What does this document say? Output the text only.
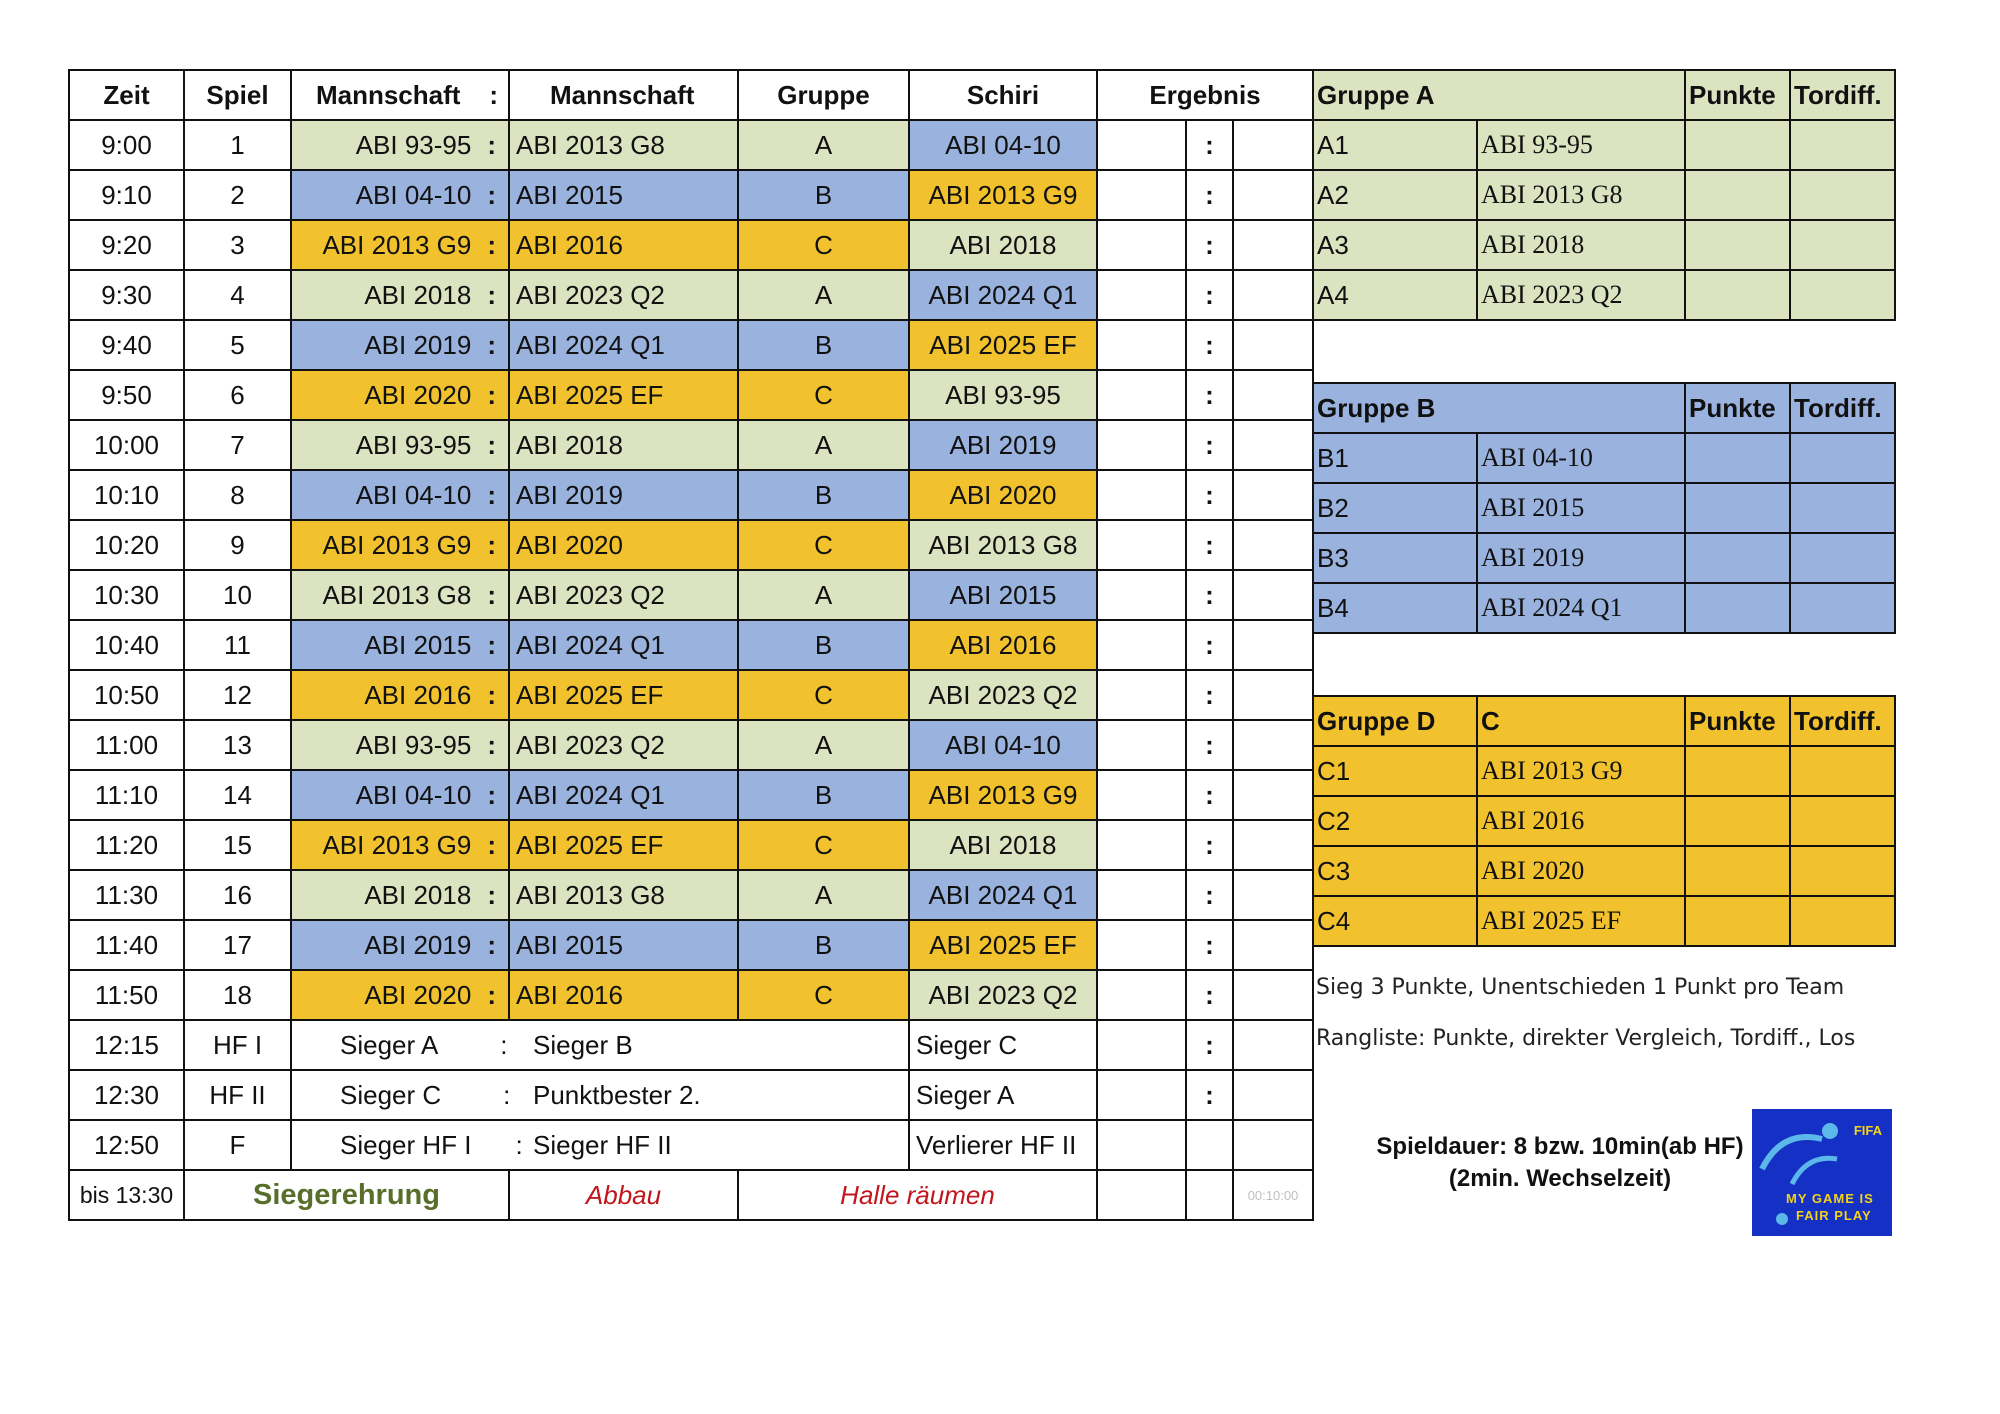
Zeit	Spiel	Mannschaft :	Mannschaft	Gruppe	Schiri	Ergebnis		
9:00	1	ABI 93-95 :	ABI 2013 G8	A	ABI 04-10		:	
9:10	2	ABI 04-10 :	ABI 2015	B	ABI 2013 G9		:	
9:20	3	ABI 2013 G9 :	ABI 2016	C	ABI 2018		:	
9:30	4	ABI 2018 :	ABI 2023 Q2	A	ABI 2024 Q1		:	
9:40	5	ABI 2019 :	ABI 2024 Q1	B	ABI 2025 EF		:	
9:50	6	ABI 2020 :	ABI 2025 EF	C	ABI 93-95		:	
10:00	7	ABI 93-95 :	ABI 2018	A	ABI 2019		:	
10:10	8	ABI 04-10 :	ABI 2019	B	ABI 2020		:	
10:20	9	ABI 2013 G9 :	ABI 2020	C	ABI 2013 G8		:	
10:30	10	ABI 2013 G8 :	ABI 2023 Q2	A	ABI 2015		:	
10:40	11	ABI 2015 :	ABI 2024 Q1	B	ABI 2016		:	
10:50	12	ABI 2016 :	ABI 2025 EF	C	ABI 2023 Q2		:	
11:00	13	ABI 93-95 :	ABI 2023 Q2	A	ABI 04-10		:	
11:10	14	ABI 04-10 :	ABI 2024 Q1	B	ABI 2013 G9		:	
11:20	15	ABI 2013 G9 :	ABI 2025 EF	C	ABI 2018		:	
11:30	16	ABI 2018 :	ABI 2013 G8	A	ABI 2024 Q1		:	
11:40	17	ABI 2019 :	ABI 2015	B	ABI 2025 EF		:	
11:50	18	ABI 2020 :	ABI 2016	C	ABI 2023 Q2		:	
12:15	HF I	Sieger A :	Sieger B		Sieger C		:	
12:30	HF II	Sieger C :	Punktbester 2.		Sieger A		:	
12:50	F	Sieger HF I :	Sieger HF II		Verlierer HF II			
bis 13:30	Siegerehrung		Abbau	Halle räumen				00:10:00
Gruppe A		Punkte	Tordiff.
A1	ABI 93-95		
A2	ABI 2013 G8		
A3	ABI 2018		
A4	ABI 2023 Q2		
Gruppe B		Punkte	Tordiff.
B1	ABI 04-10		
B2	ABI 2015		
B3	ABI 2019		
B4	ABI 2024 Q1		
Gruppe D	C	Punkte	Tordiff.
C1	ABI 2013 G9		
C2	ABI 2016		
C3	ABI 2020		
C4	ABI 2025 EF		
Sieg 3 Punkte, Unentschieden 1 Punkt pro Team
Rangliste: Punkte, direkter Vergleich, Tordiff., Los
Spieldauer: 8 bzw. 10min(ab HF)
(2min. Wechselzeit)
FIFA
MY GAME IS
FAIR PLAY
